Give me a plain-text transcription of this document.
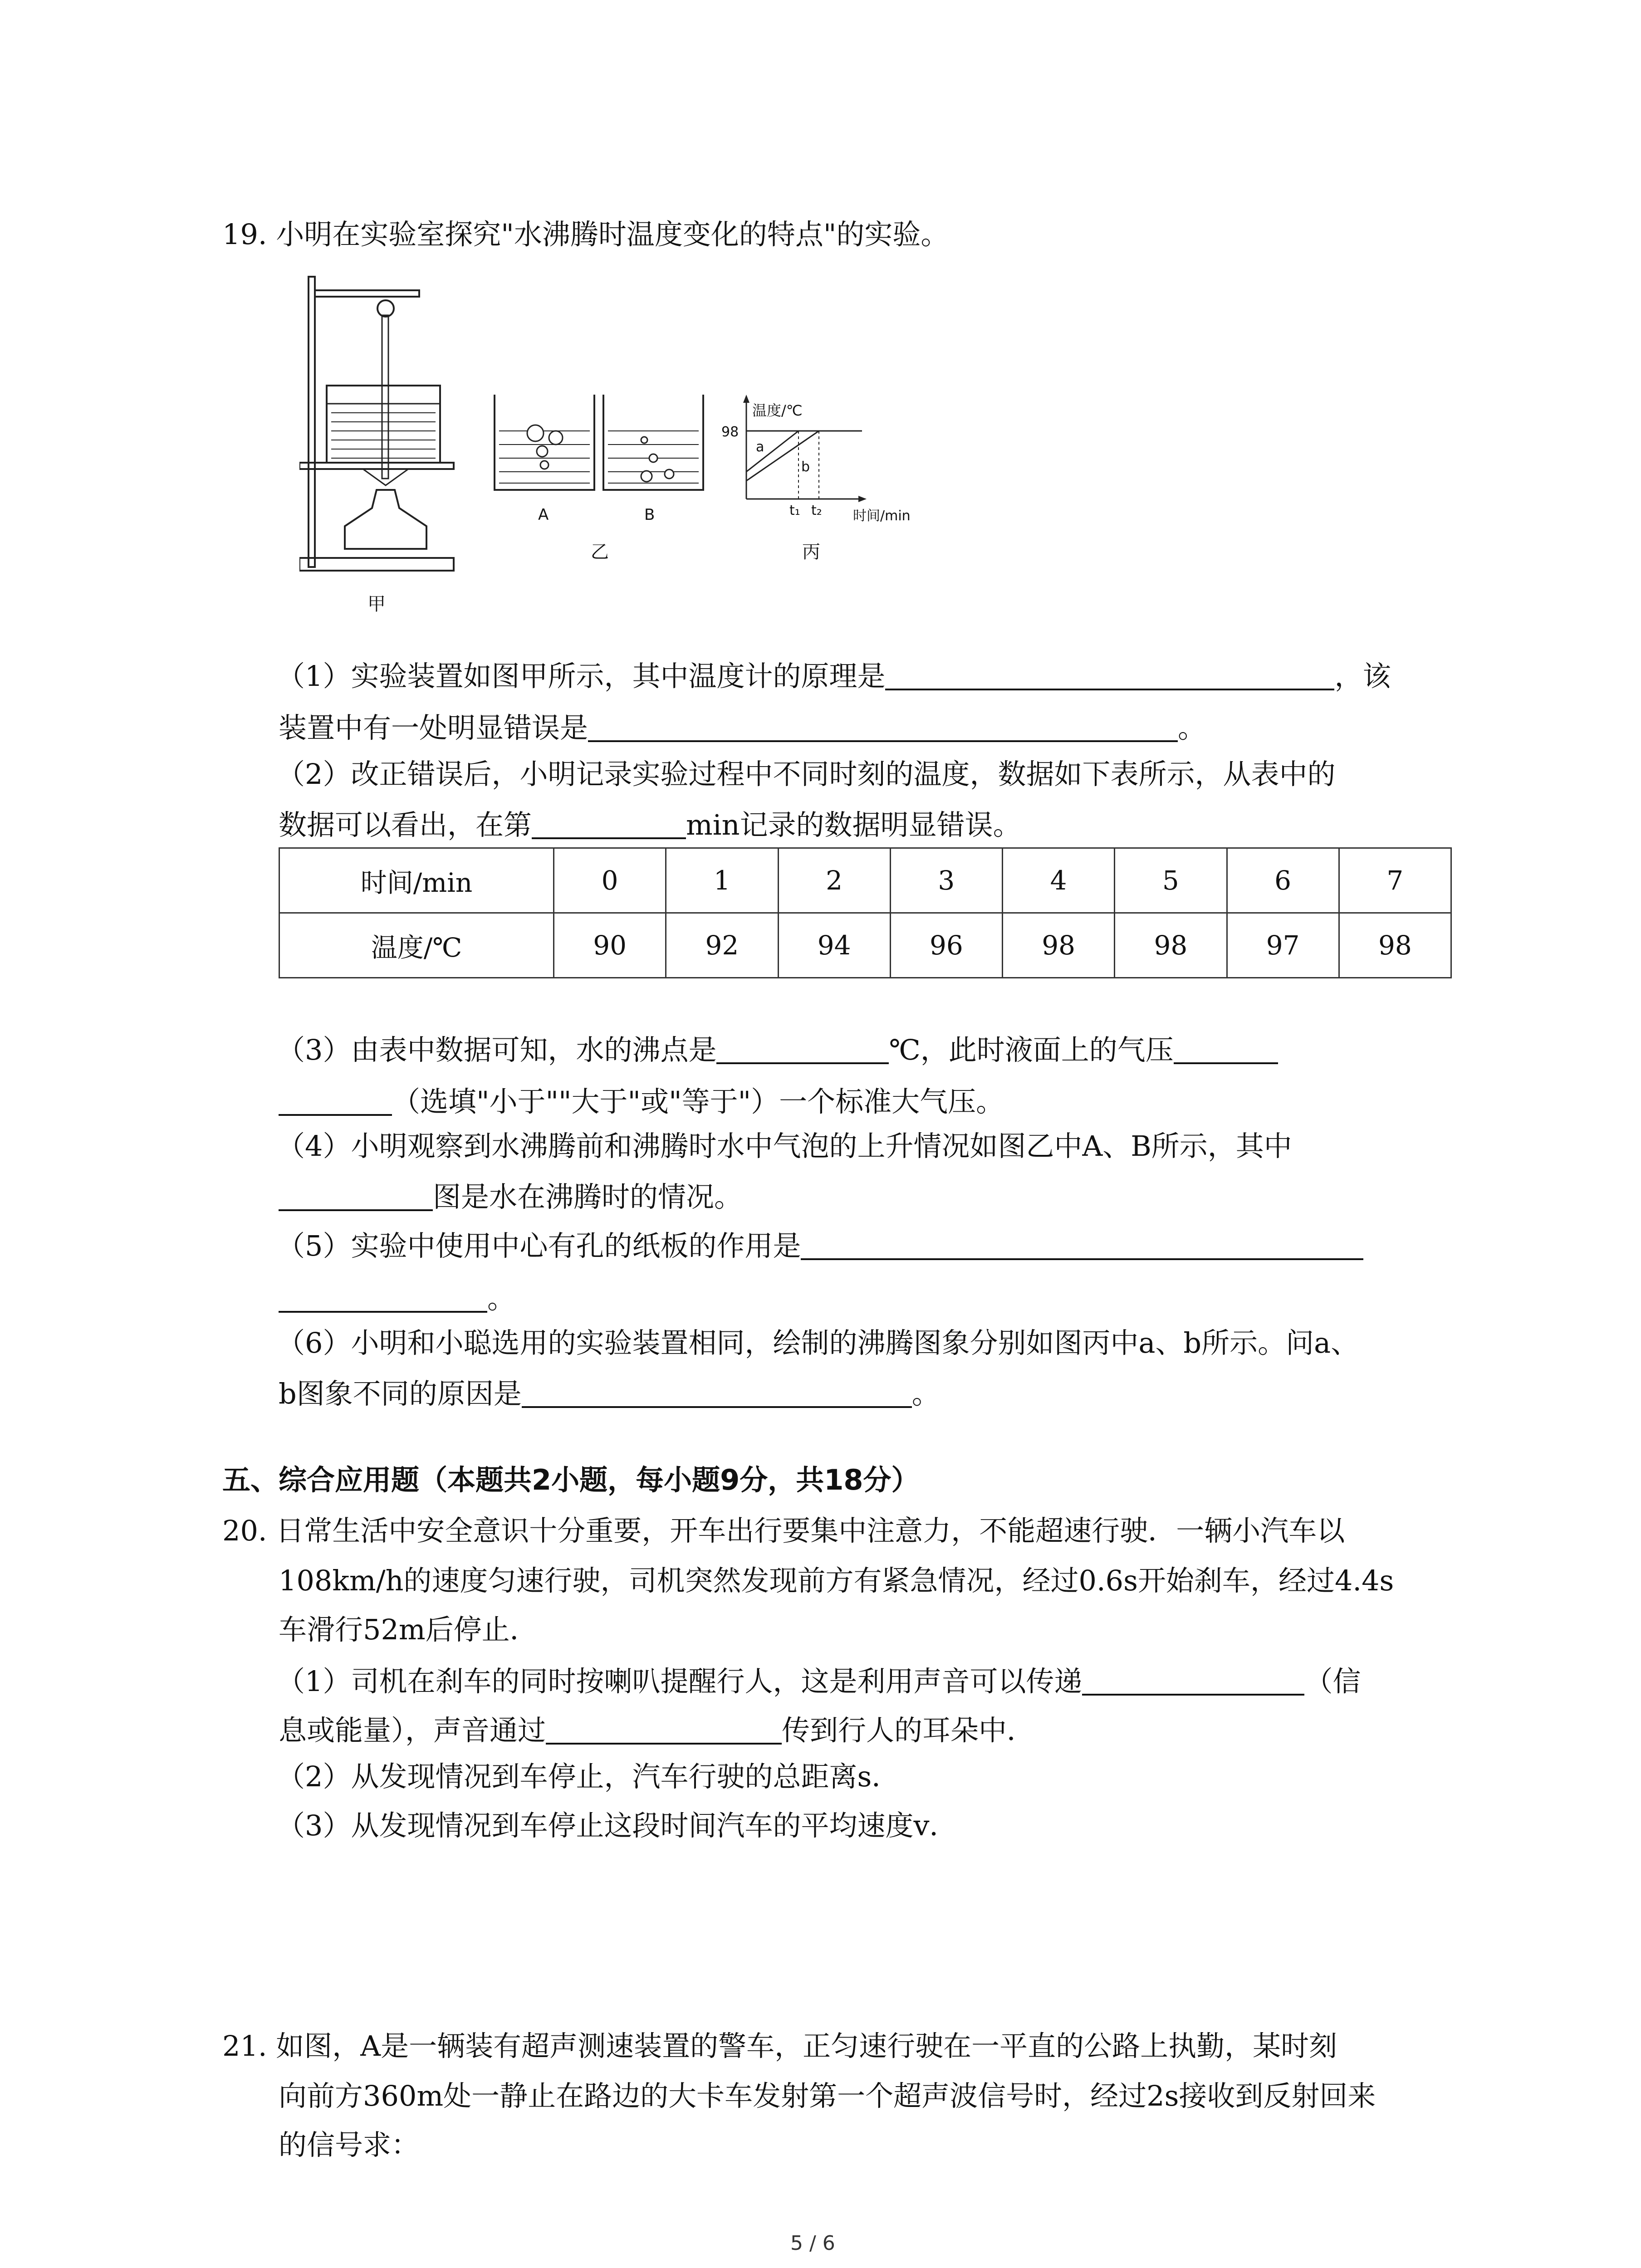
19. 小明在实验室探究"水沸腾时温度变化的特点"的实验。
甲
A	B
乙
温度/℃
98
a
b
t₁ t₂ 时间/min
丙
（1）实验装置如图甲所示，其中温度计的原理是	，该
装置中有一处明显错误是	。
（2）改正错误后，小明记录实验过程中不同时刻的温度，数据如下表所示，从表中的
数据可以看出，在第	min记录的数据明显错误。
时间/min	0	1	2	3	4	5	6	7
温度/℃	90	92	94	96	98	98	97	98
（3）由表中数据可知，水的沸点是	℃，此时液面上的气压
（选填"小于""大于"或"等于"）一个标准大气压。
（4）小明观察到水沸腾前和沸腾时水中气泡的上升情况如图乙中A、B所示，其中
图是水在沸腾时的情况。
（5）实验中使用中心有孔的纸板的作用是
。
（6）小明和小聪选用的实验装置相同，绘制的沸腾图象分别如图丙中a、b所示。问a、
b图象不同的原因是	。
五、综合应用题（本题共2小题，每小题9分，共18分）
20. 日常生活中安全意识十分重要，开车出行要集中注意力，不能超速行驶．一辆小汽车以
108km/h的速度匀速行驶，司机突然发现前方有紧急情况，经过0.6s开始刹车，经过4.4s
车滑行52m后停止．
（1）司机在刹车的同时按喇叭提醒行人，这是利用声音可以传递	（信
息或能量），声音通过	传到行人的耳朵中．
（2）从发现情况到车停止，汽车行驶的总距离s．
（3）从发现情况到车停止这段时间汽车的平均速度v．
21. 如图，A是一辆装有超声测速装置的警车，正匀速行驶在一平直的公路上执勤，某时刻
向前方360m处一静止在路边的大卡车发射第一个超声波信号时，经过2s接收到反射回来
的信号求：
5 / 6
